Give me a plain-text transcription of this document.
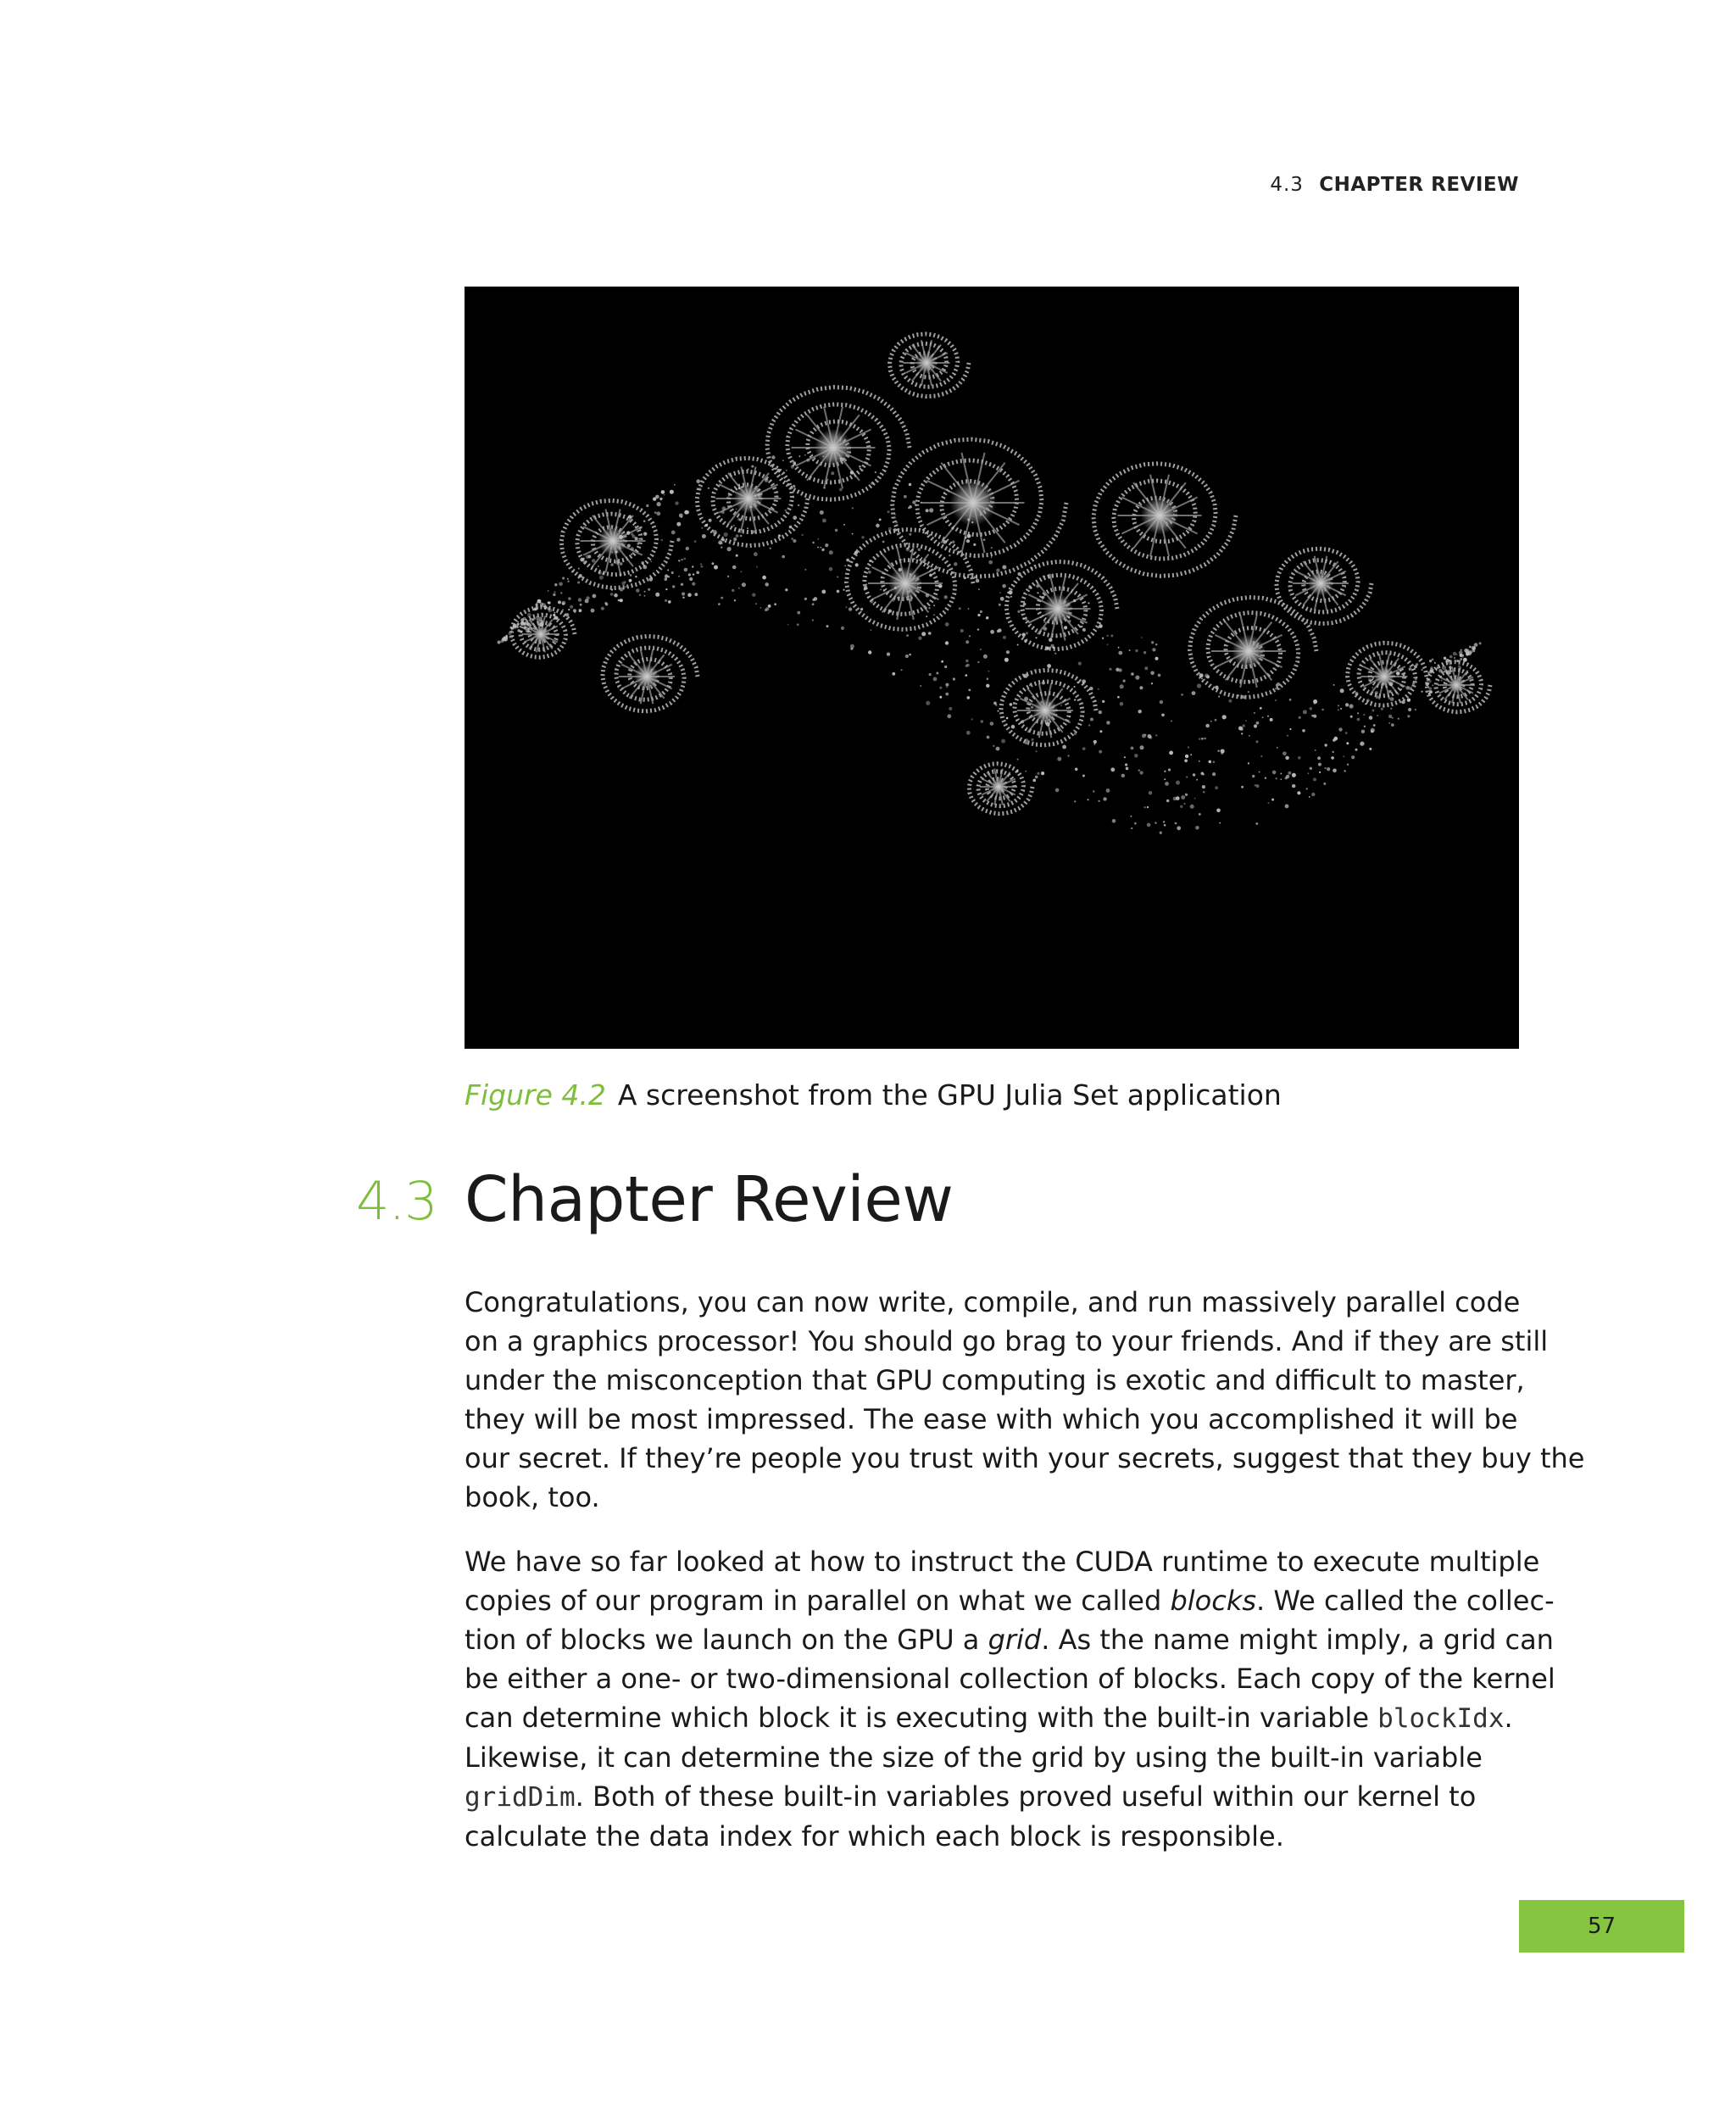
4.3 CHAPTER REVIEW
Figure 4.2 A screenshot from the GPU Julia Set application
4.3 Chapter Review
Congratulations, you can now write, compile, and run massively parallel code
on a graphics processor! You should go brag to your friends. And if they are still
under the misconception that GPU computing is exotic and difficult to master,
they will be most impressed. The ease with which you accomplished it will be
our secret. If they’re people you trust with your secrets, suggest that they buy the
book, too.
We have so far looked at how to instruct the CUDA runtime to execute multiple
copies of our program in parallel on what we called blocks. We called the collec-
tion of blocks we launch on the GPU a grid. As the name might imply, a grid can
be either a one- or two-dimensional collection of blocks. Each copy of the kernel
can determine which block it is executing with the built-in variable blockIdx.
Likewise, it can determine the size of the grid by using the built-in variable
gridDim. Both of these built-in variables proved useful within our kernel to
calculate the data index for which each block is responsible.
57
